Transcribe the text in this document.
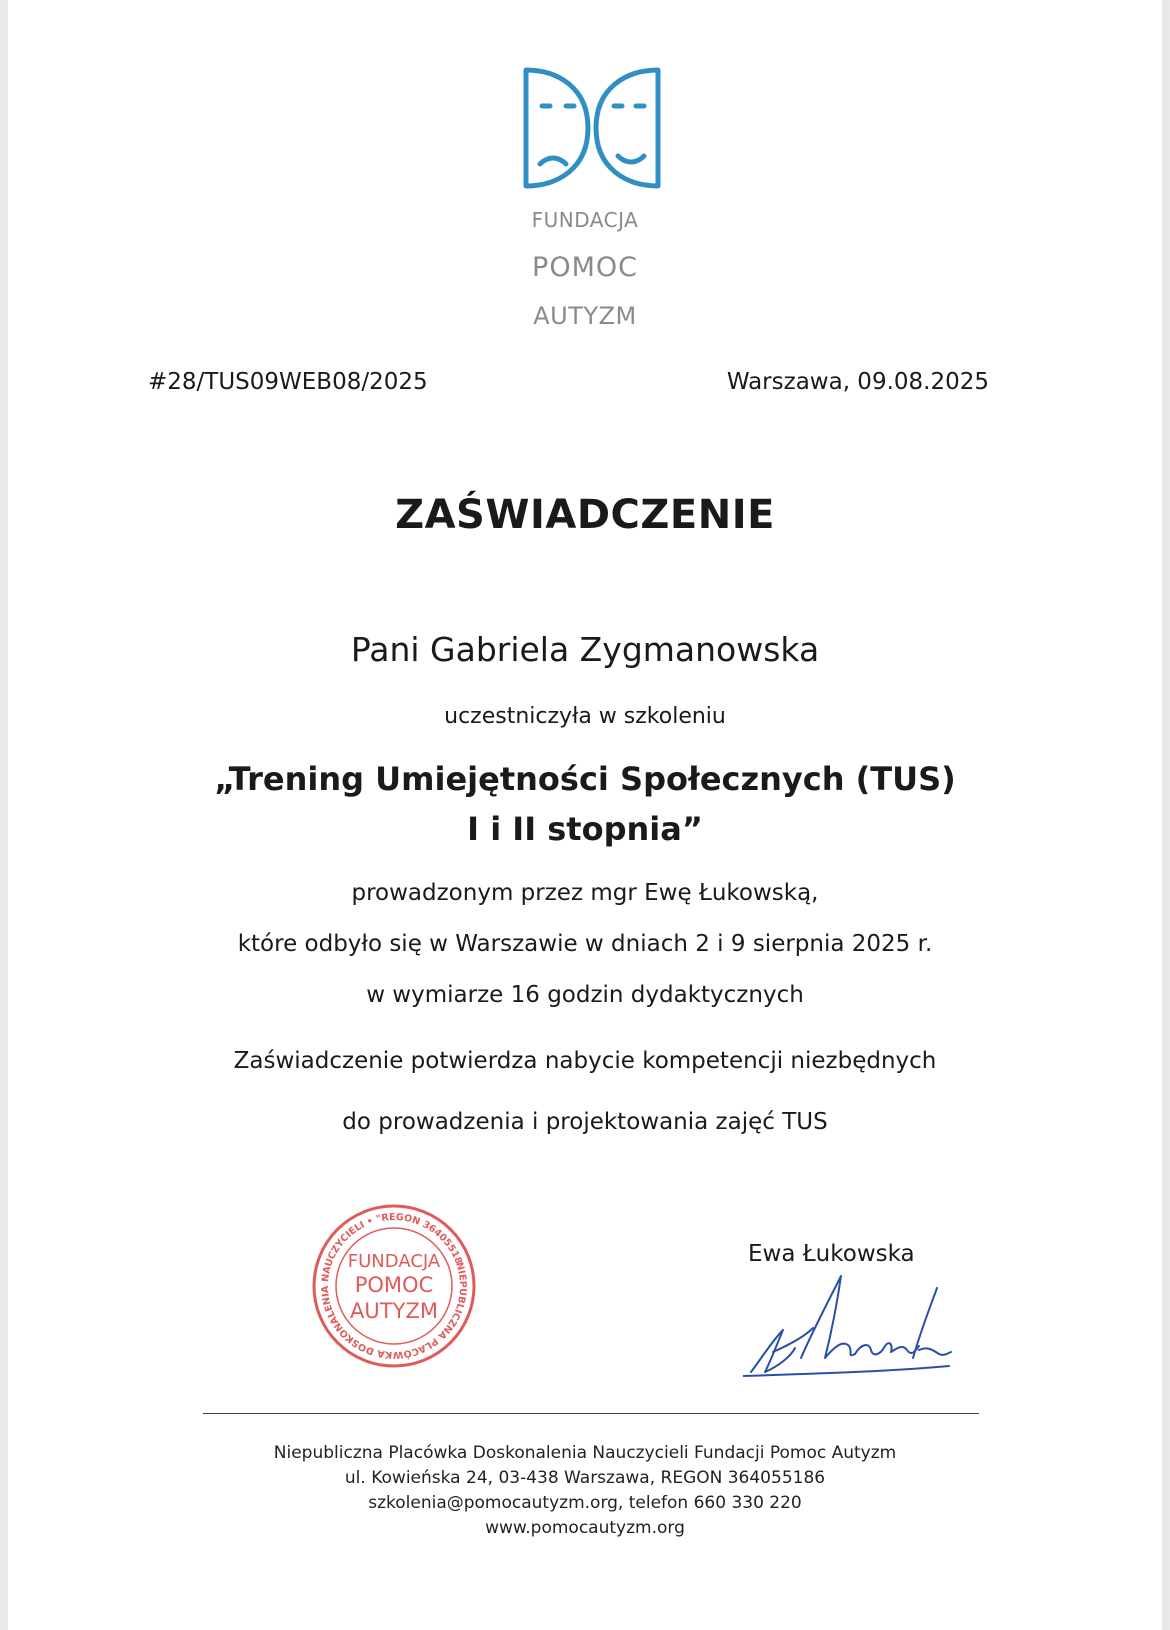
FUNDACJA
POMOC
AUTYZM
#28/TUS09WEB08/2025	Warszawa, 09.08.2025
ZAŚWIADCZENIE
Pani Gabriela Zygmanowska
uczestniczyła w szkoleniu
„Trening Umiejętności Społecznych (TUS)
I i II stopnia”
prowadzonym przez mgr Ewę Łukowską,
które odbyło się w Warszawie w dniach 2 i 9 sierpnia 2025 r.
w wymiarze 16 godzin dydaktycznych
Zaświadczenie potwierdza nabycie kompetencji niezbędnych
do prowadzenia i projektowania zajęć TUS
NIEPUBLICZNA PLACÓWKA DOSKONALENIA NAUCZYCIELI • "REGON 364055186"
FUNDACJA
POMOC
AUTYZM
Ewa Łukowska
Niepubliczna Placówka Doskonalenia Nauczycieli Fundacji Pomoc Autyzm
ul. Kowieńska 24, 03-438 Warszawa, REGON 364055186
szkolenia@pomocautyzm.org, telefon 660 330 220
www.pomocautyzm.org
